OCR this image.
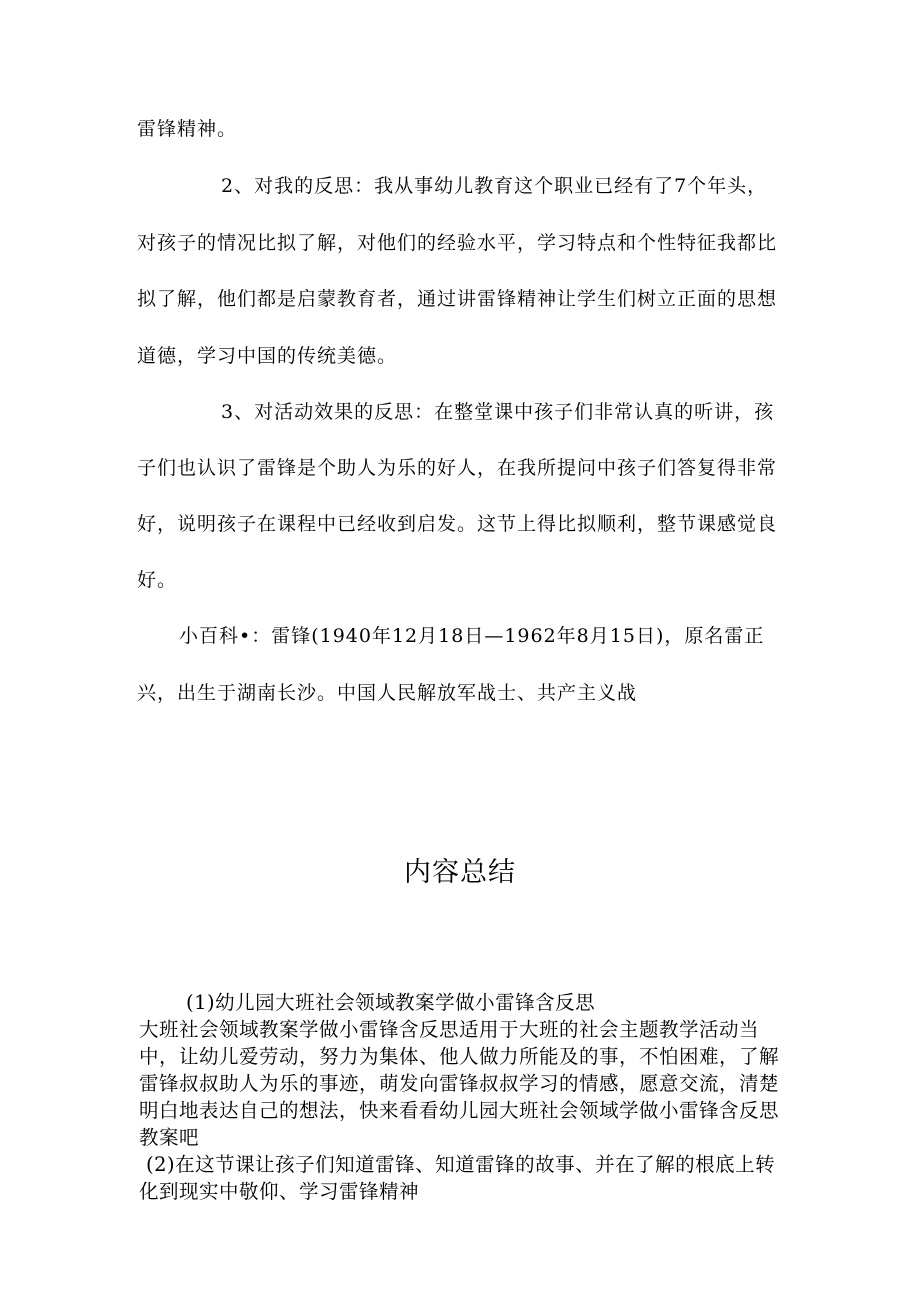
雷锋精神。
2、对我的反思：我从事幼儿教育这个职业已经有了7个年头，
对孩子的情况比拟了解，对他们的经验水平，学习特点和个性特征我都比
拟了解，他们都是启蒙教育者，通过讲雷锋精神让学生们树立正面的思想
道德，学习中国的传统美德。
3、对活动效果的反思：在整堂课中孩子们非常认真的听讲，孩
子们也认识了雷锋是个助人为乐的好人，在我所提问中孩子们答复得非常
好，说明孩子在课程中已经收到启发。这节上得比拟顺利，整节课感觉良
好。
小百科•：雷锋(1940年12月18日—1962年8月15日)，原名雷正
兴，出生于湖南长沙。中国人民解放军战士、共产主义战
内容总结
(1)幼儿园大班社会领域教案学做小雷锋含反思
大班社会领域教案学做小雷锋含反思适用于大班的社会主题教学活动当
中，让幼儿爱劳动，努力为集体、他人做力所能及的事，不怕困难，了解
雷锋叔叔助人为乐的事迹，萌发向雷锋叔叔学习的情感，愿意交流，清楚
明白地表达自己的想法，快来看看幼儿园大班社会领域学做小雷锋含反思
教案吧
(2)在这节课让孩子们知道雷锋、知道雷锋的故事、并在了解的根底上转
化到现实中敬仰、学习雷锋精神
